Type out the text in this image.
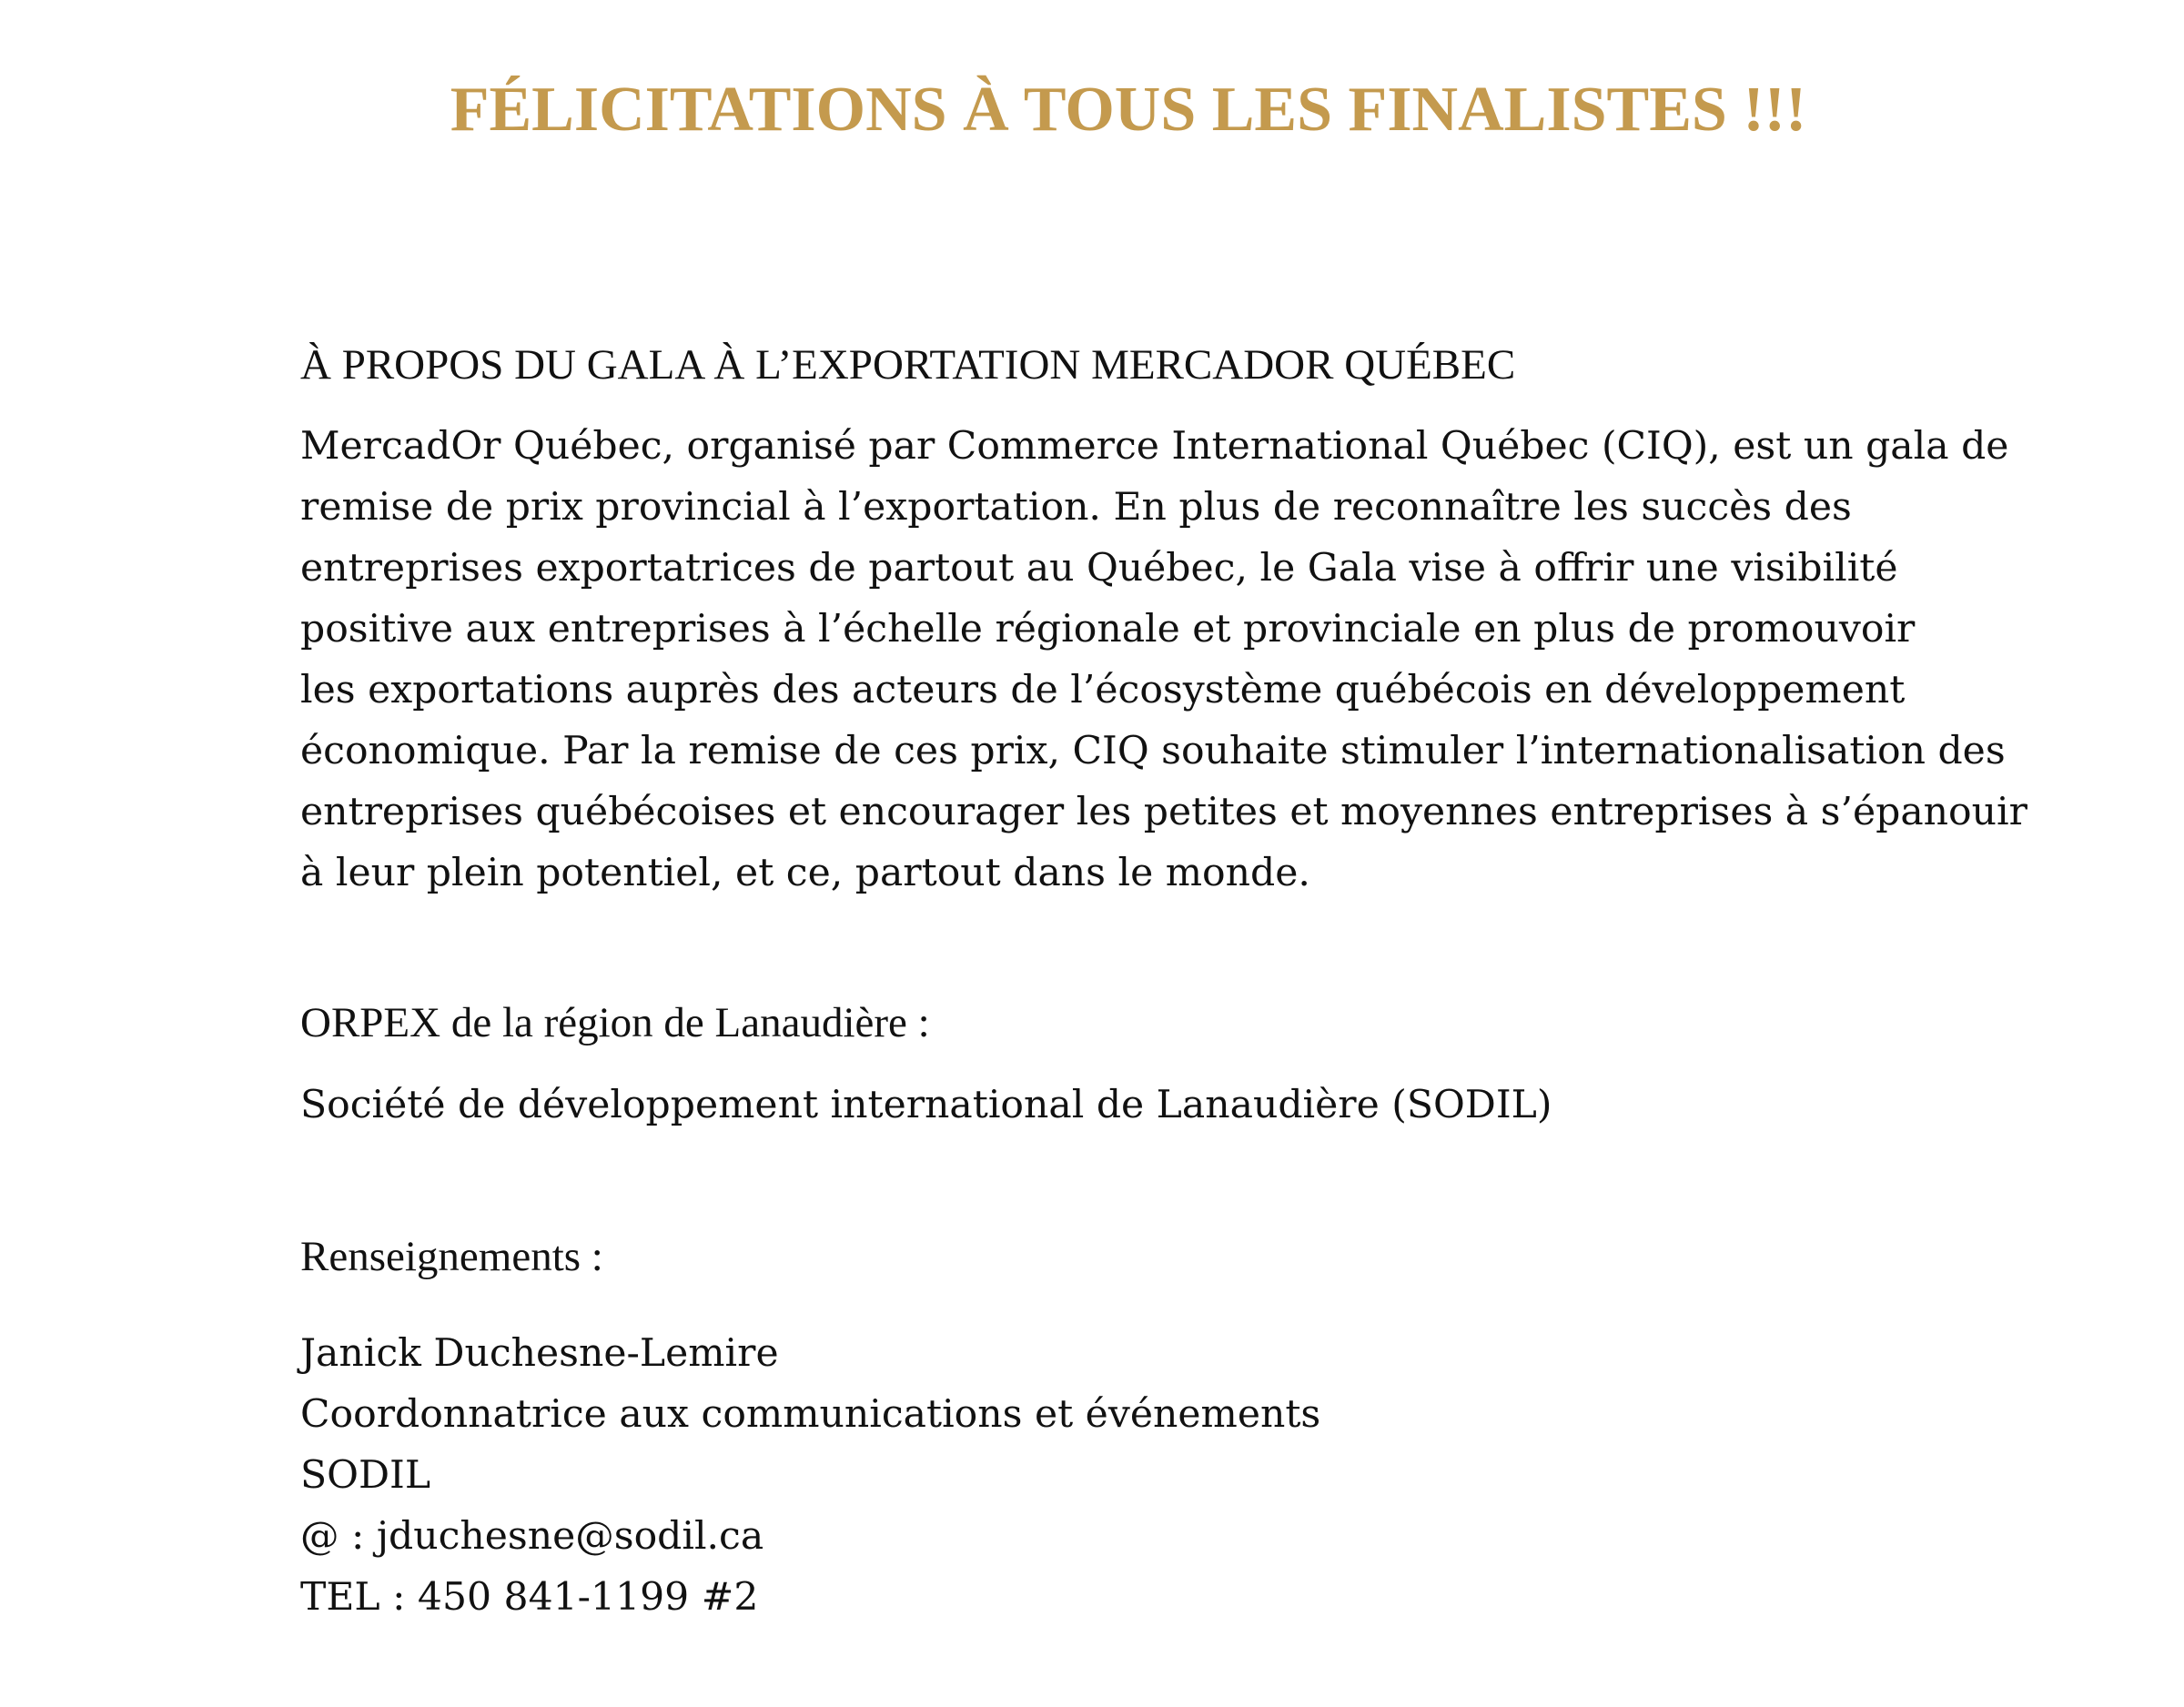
FÉLICITATIONS À TOUS LES FINALISTES !!!
À PROPOS DU GALA À L’EXPORTATION MERCADOR QUÉBEC

MercadOr Québec, organisé par Commerce International Québec (CIQ), est un gala de
remise de prix provincial à l’exportation. En plus de reconnaître les succès des
entreprises exportatrices de partout au Québec, le Gala vise à offrir une visibilité
positive aux entreprises à l’échelle régionale et provinciale en plus de promouvoir
les exportations auprès des acteurs de l’écosystème québécois en développement
économique. Par la remise de ces prix, CIQ souhaite stimuler l’internationalisation des
entreprises québécoises et encourager les petites et moyennes entreprises à s’épanouir
à leur plein potentiel, et ce, partout dans le monde.

ORPEX de la région de Lanaudière :
Société de développement international de Lanaudière (SODIL)
Renseignements :
Janick Duchesne-Lemire
Coordonnatrice aux communications et événements
SODIL
@ : jduchesne@sodil.ca
TEL : 450 841-1199 #2
